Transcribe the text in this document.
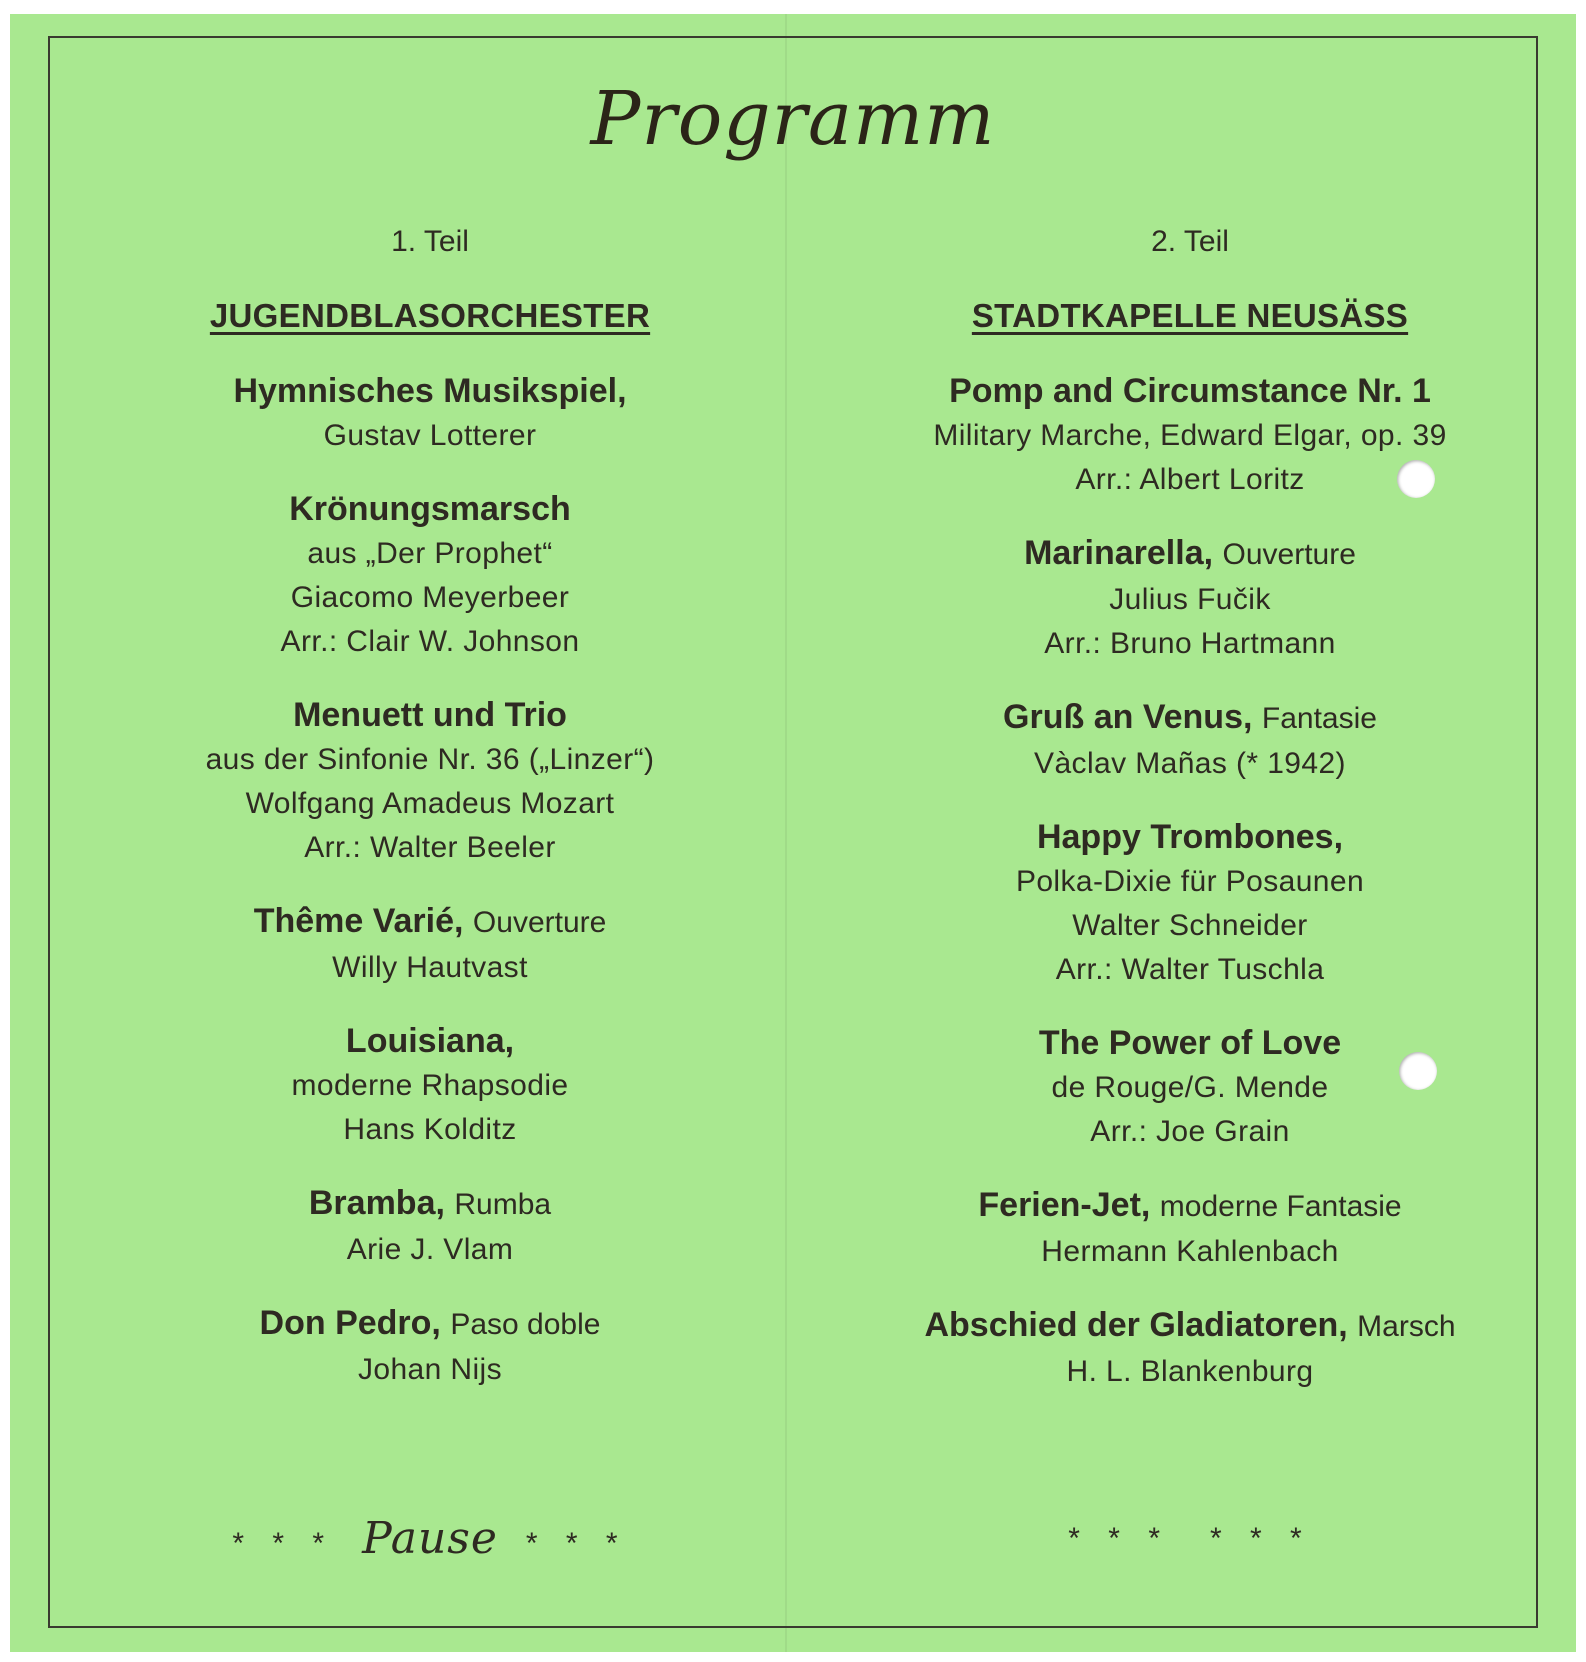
Programm
1. Teil
JUGENDBLASORCHESTER
Hymnisches Musikspiel,
Gustav Lotterer
Krönungsmarsch
aus „Der Prophet“
Giacomo Meyerbeer
Arr.: Clair W. Johnson
Menuett und Trio
aus der Sinfonie Nr. 36 („Linzer“)
Wolfgang Amadeus Mozart
Arr.: Walter Beeler
Thême Varié, Ouverture
Willy Hautvast
Louisiana,
moderne Rhapsodie
Hans Kolditz
Bramba, Rumba
Arie J. Vlam
Don Pedro, Paso doble
Johan Nijs
* * * Pause * * *
2. Teil
STADTKAPELLE NEUSÄSS
Pomp and Circumstance Nr. 1
Military Marche, Edward Elgar, op. 39
Arr.: Albert Loritz
Marinarella, Ouverture
Julius Fučik
Arr.: Bruno Hartmann
Gruß an Venus, Fantasie
Vàclav Mañas (* 1942)
Happy Trombones,
Polka-Dixie für Posaunen
Walter Schneider
Arr.: Walter Tuschla
The Power of Love
de Rouge/G. Mende
Arr.: Joe Grain
Ferien-Jet, moderne Fantasie
Hermann Kahlenbach
Abschied der Gladiatoren, Marsch
H. L. Blankenburg
* * * * * *
